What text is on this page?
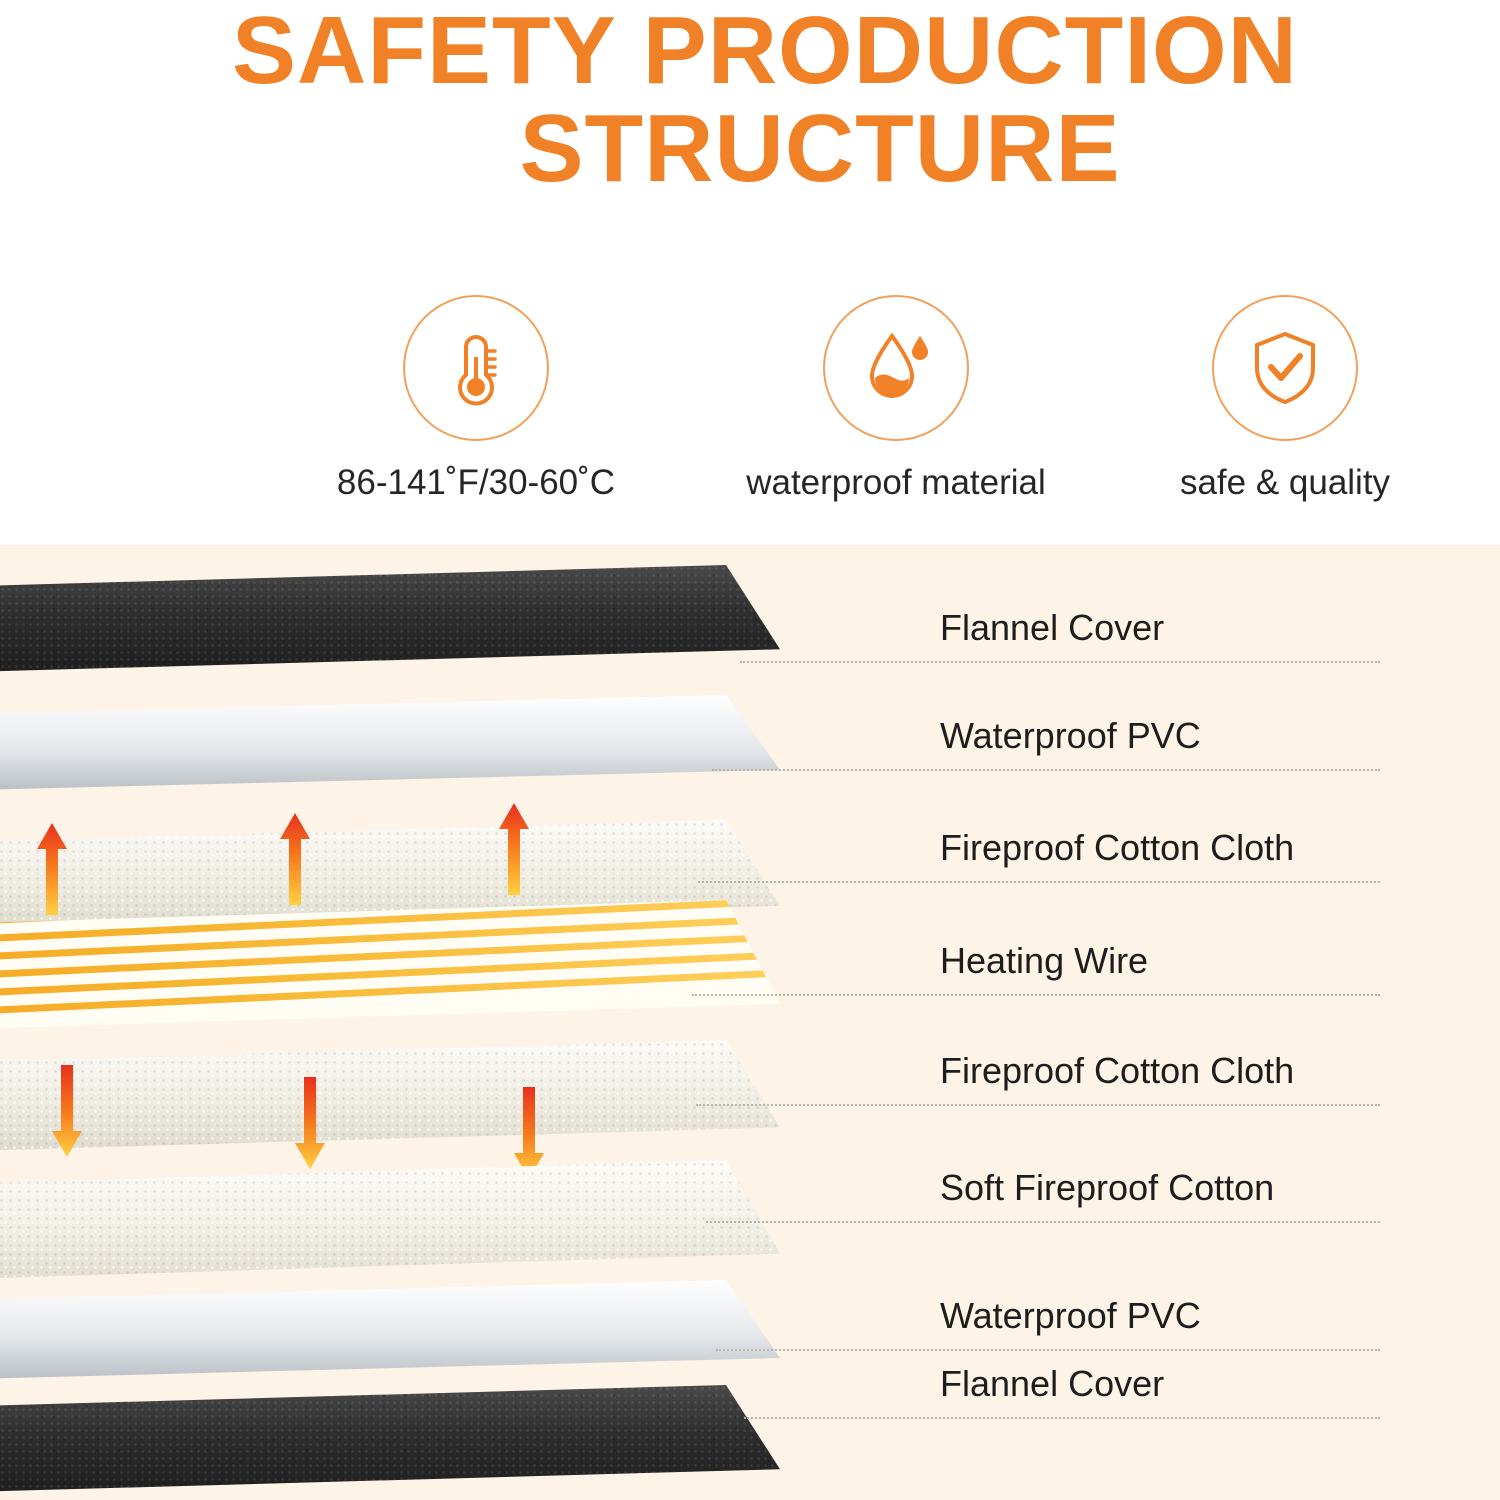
SAFETY PRODUCTION
STRUCTURE
86-141˚F/30-60˚C	waterproof material	safe & quality
Flannel Cover
Waterproof PVC
Fireproof Cotton Cloth
Heating Wire
Fireproof Cotton Cloth
Soft Fireproof Cotton
Waterproof PVC
Flannel Cover
